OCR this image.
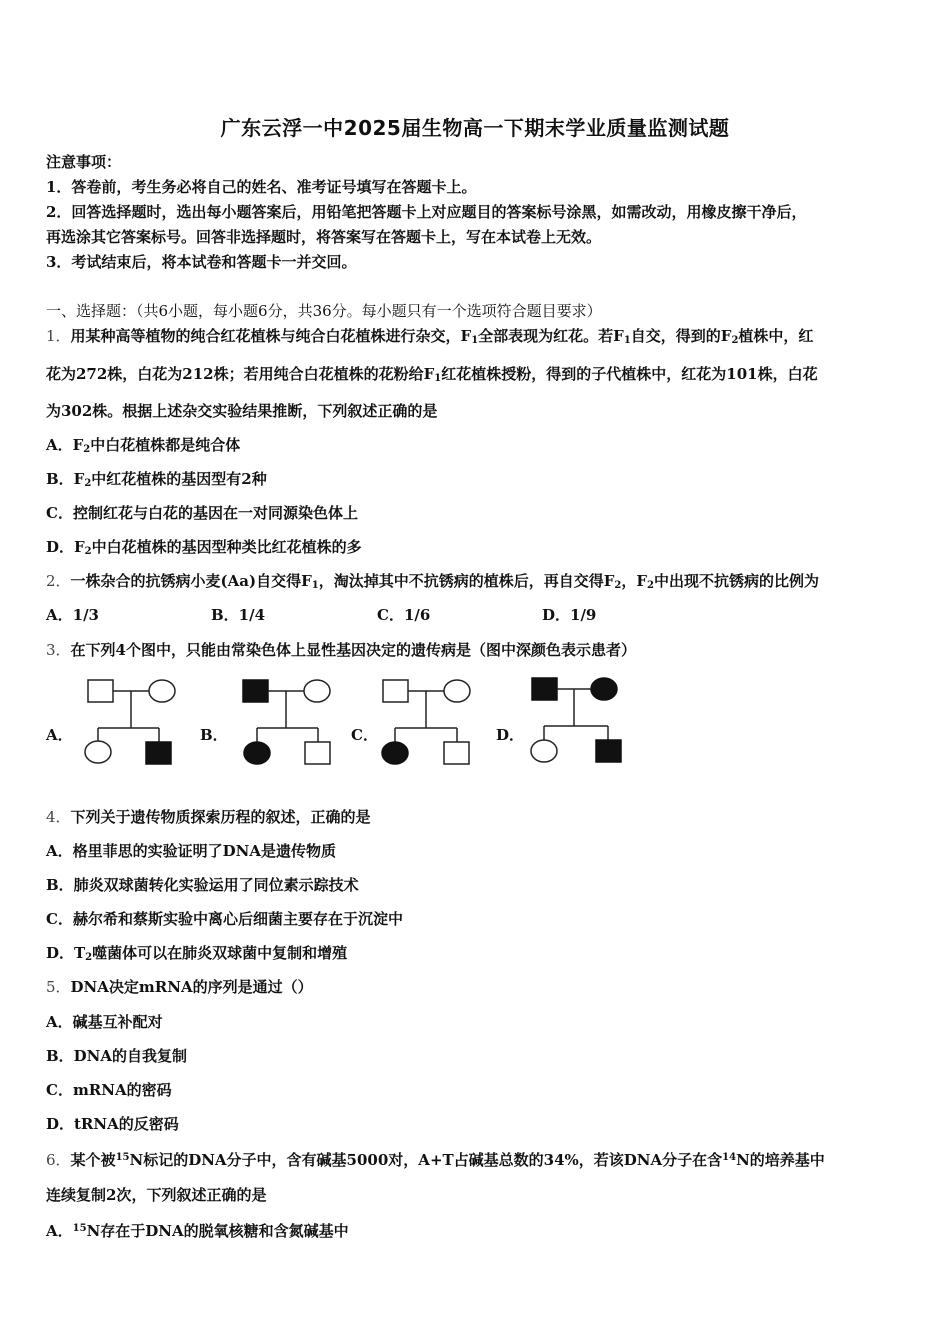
广东云浮一中2025届生物高一下期末学业质量监测试题
注意事项：
1．答卷前，考生务必将自己的姓名、准考证号填写在答题卡上。
2．回答选择题时，选出每小题答案后，用铅笔把答题卡上对应题目的答案标号涂黑，如需改动，用橡皮擦干净后，
再选涂其它答案标号。回答非选择题时，将答案写在答题卡上，写在本试卷上无效。
3．考试结束后，将本试卷和答题卡一并交回。
一、选择题：（共6小题，每小题6分，共36分。每小题只有一个选项符合题目要求）
1．用某种高等植物的纯合红花植株与纯合白花植株进行杂交，$F_1$全部表现为红花。若$F_1$自交，得到的$F_2$植株中，红
花为272株，白花为212株；若用纯合白花植株的花粉给$F_1$红花植株授粉，得到的子代植株中，红花为101株，白花
为302株。根据上述杂交实验结果推断，下列叙述正确的是
A．$F_2$中白花植株都是纯合体
B．$F_2$中红花植株的基因型有2种
C．控制红花与白花的基因在一对同源染色体上
D．$F_2$中白花植株的基因型种类比红花植株的多
2．一株杂合的抗锈病小麦(Aa)自交得$F_1$，淘汰掉其中不抗锈病的植株后，再自交得$F_2$，$F_2$中出现不抗锈病的比例为
A．1/3	B．1/4	C．1/6	D．1/9
3．在下列4个图中，只能由常染色体上显性基因决定的遗传病是（图中深颜色表示患者）
A．	B．	C．	D．
4．下列关于遗传物质探索历程的叙述，正确的是
A．格里菲思的实验证明了DNA是遗传物质
B．肺炎双球菌转化实验运用了同位素示踪技术
C．赫尔希和蔡斯实验中离心后细菌主要存在于沉淀中
D．$T_2$噬菌体可以在肺炎双球菌中复制和增殖
5．DNA决定mRNA的序列是通过（）
A．碱基互补配对
B．DNA的自我复制
C．mRNA的密码
D．tRNA的反密码
6．某个被$^{15}$N标记的DNA分子中，含有碱基5000对，A+T占碱基总数的34%，若该DNA分子在含$^{14}$N的培养基中
连续复制2次，下列叙述正确的是
A．$^{15}$N存在于DNA的脱氧核糖和含氮碱基中
